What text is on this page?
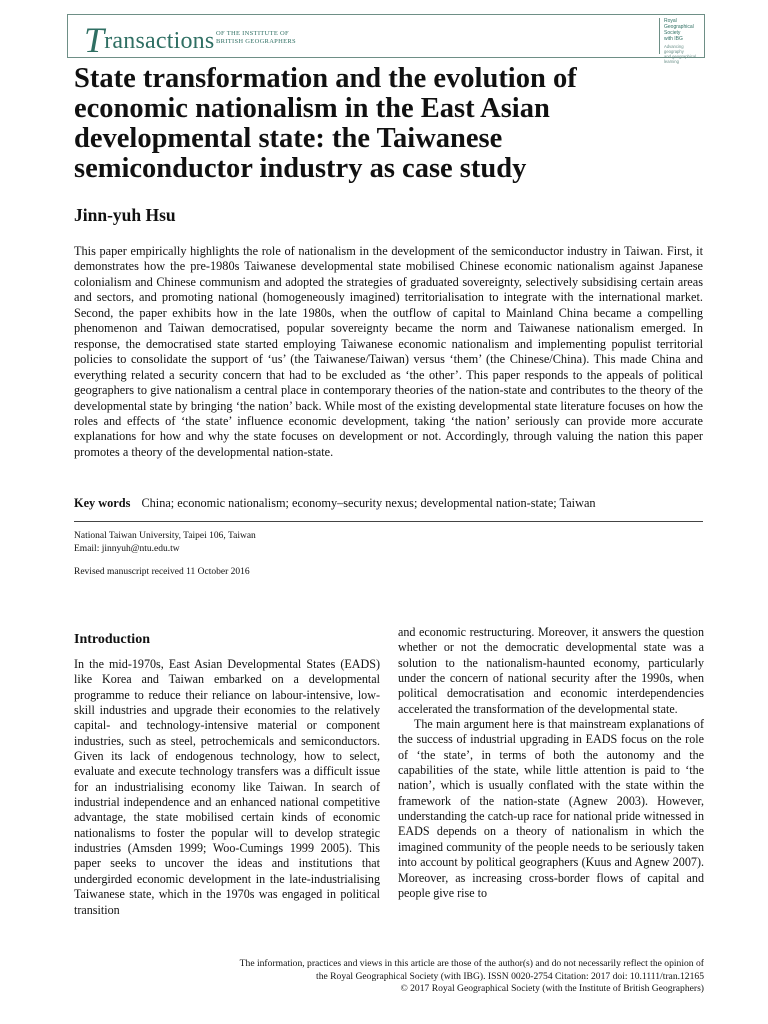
Transactions OF THE INSTITUTE OF
BRITISH GEOGRAPHERS
Royal
Geographical
Society
with IBG
Advancing geography
and geographical learning
State transformation and the evolution of economic nationalism in the East Asian developmental state: the Taiwanese semiconductor industry as case study
Jinn-yuh Hsu

This paper empirically highlights the role of nationalism in the development of the semiconductor industry in Taiwan. First, it demonstrates how the pre-1980s Taiwanese developmental state mobilised Chinese economic nationalism against Japanese colonialism and Chinese communism and adopted the strategies of graduated sovereignty, selectively subsidising certain areas and sectors, and promoting national (homogeneously imagined) territorialisation to integrate with the international market. Second, the paper exhibits how in the late 1980s, when the outflow of capital to Mainland China became a compelling phenomenon and Taiwan democratised, popular sovereignty became the norm and Taiwanese nationalism emerged. In response, the democratised state started employing Taiwanese economic nationalism and implementing populist territorial policies to consolidate the support of ‘us’ (the Taiwanese/Taiwan) versus ‘them’ (the Chinese/China). This made China and everything related a security concern that had to be excluded as ‘the other’. This paper responds to the appeals of political geographers to give nationalism a central place in contemporary theories of the nation-state and contributes to the theory of the developmental state by bringing ‘the nation’ back. While most of the existing developmental state literature focuses on how the roles and effects of ‘the state’ influence economic development, taking ‘the nation’ seriously can provide more accurate explanations for how and why the state focuses on development or not. Accordingly, through valuing the nation this paper promotes a theory of the developmental nation-state.

Key words China; economic nationalism; economy–security nexus; developmental nation-state; Taiwan
National Taiwan University, Taipei 106, Taiwan
Email: jinnyuh@ntu.edu.tw
Revised manuscript received 11 October 2016
Introduction

In the mid-1970s, East Asian Developmental States (EADS) like Korea and Taiwan embarked on a developmental programme to reduce their reliance on labour-intensive, low-skill industries and upgrade their economies to the relatively capital- and technology-intensive material or component industries, such as steel, petrochemicals and semiconductors. Given its lack of endogenous technology, how to select, evaluate and execute technology transfers was a difficult issue for an industrialising economy like Taiwan. In search of industrial independence and an enhanced national competitive advantage, the state mobilised certain kinds of economic nationalisms to foster the popular will to develop strategic industries (Amsden 1999; Woo-Cumings 1999 2005). This paper seeks to uncover the ideas and institutions that undergirded economic development in the late-industrialising Taiwanese state, which in the 1970s was engaged in political transition

and economic restructuring. Moreover, it answers the question whether or not the democratic developmental state was a solution to the nationalism-haunted economy, particularly under the concern of national security after the 1990s, when political democratisation and economic interdependencies accelerated the transformation of the developmental state.

The main argument here is that mainstream explanations of the success of industrial upgrading in EADS focus on the role of ‘the state’, in terms of both the autonomy and the capabilities of the state, while little attention is paid to ‘the nation’, which is usually conflated with the state within the framework of the nation-state (Agnew 2003). However, understanding the catch-up race for national pride witnessed in EADS depends on a theory of nationalism in which the imagined community of the people needs to be seriously taken into account by political geographers (Kuus and Agnew 2007). Moreover, as increasing cross-border flows of capital and people give rise to

The information, practices and views in this article are those of the author(s) and do not necessarily reflect the opinion of
the Royal Geographical Society (with IBG). ISSN 0020-2754 Citation: 2017 doi: 10.1111/tran.12165
© 2017 Royal Geographical Society (with the Institute of British Geographers)
